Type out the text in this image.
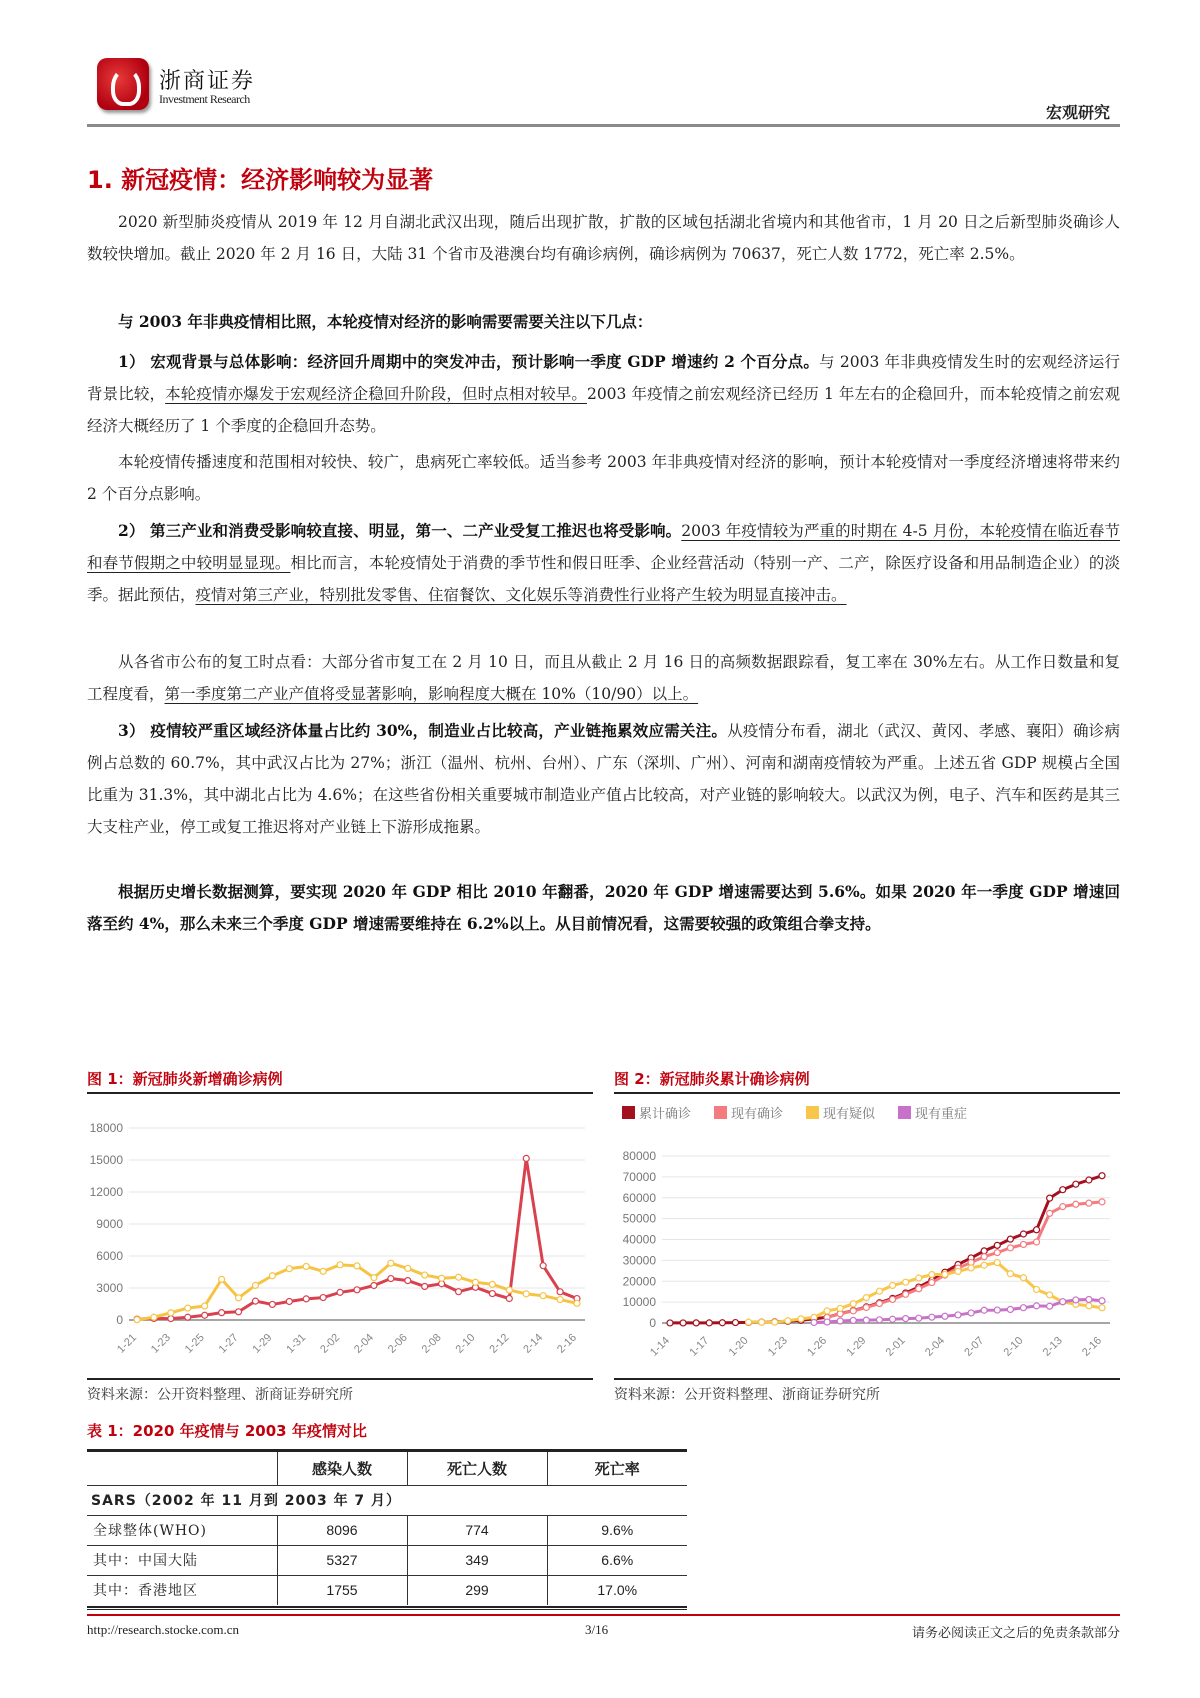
浙商证券
Investment Research
宏观研究
1. 新冠疫情：经济影响较为显著

2020 新型肺炎疫情从 2019 年 12 月自湖北武汉出现，随后出现扩散，扩散的区域包括湖北省境内和其他省市，1 月 20 日之后新型肺炎确诊人数较快增加。截止 2020 年 2 月 16 日，大陆 31 个省市及港澳台均有确诊病例，确诊病例为 70637，死亡人数 1772，死亡率 2.5%。

与 2003 年非典疫情相比照，本轮疫情对经济的影响需要需要关注以下几点：

1） 宏观背景与总体影响：经济回升周期中的突发冲击，预计影响一季度 GDP 增速约 2 个百分点。与 2003 年非典疫情发生时的宏观经济运行背景比较，本轮疫情亦爆发于宏观经济企稳回升阶段，但时点相对较早。2003 年疫情之前宏观经济已经历 1 年左右的企稳回升，而本轮疫情之前宏观经济大概经历了 1 个季度的企稳回升态势。

本轮疫情传播速度和范围相对较快、较广，患病死亡率较低。适当参考 2003 年非典疫情对经济的影响，预计本轮疫情对一季度经济增速将带来约 2 个百分点影响。

2） 第三产业和消费受影响较直接、明显，第一、二产业受复工推迟也将受影响。2003 年疫情较为严重的时期在 4-5 月份，本轮疫情在临近春节和春节假期之中较明显显现。相比而言，本轮疫情处于消费的季节性和假日旺季、企业经营活动（特别一产、二产，除医疗设备和用品制造企业）的淡季。据此预估，疫情对第三产业，特别批发零售、住宿餐饮、文化娱乐等消费性行业将产生较为明显直接冲击。

从各省市公布的复工时点看：大部分省市复工在 2 月 10 日，而且从截止 2 月 16 日的高频数据跟踪看，复工率在 30%左右。从工作日数量和复工程度看，第一季度第二产业产值将受显著影响，影响程度大概在 10%（10/90）以上。

3） 疫情较严重区域经济体量占比约 30%，制造业占比较高，产业链拖累效应需关注。从疫情分布看，湖北（武汉、黄冈、孝感、襄阳）确诊病例占总数的 60.7%，其中武汉占比为 27%；浙江（温州、杭州、台州）、广东（深圳、广州）、河南和湖南疫情较为严重。上述五省 GDP 规模占全国比重为 31.3%，其中湖北占比为 4.6%；在这些省份相关重要城市制造业产值占比较高，对产业链的影响较大。以武汉为例，电子、汽车和医药是其三大支柱产业，停工或复工推迟将对产业链上下游形成拖累。

根据历史增长数据测算，要实现 2020 年 GDP 相比 2010 年翻番，2020 年 GDP 增速需要达到 5.6%。如果 2020 年一季度 GDP 增速回落至约 4%，那么未来三个季度 GDP 增速需要维持在 6.2%以上。从目前情况看，这需要较强的政策组合拳支持。

图 1：新冠肺炎新增确诊病例
0
3000
6000
9000
12000
15000
18000
1-21 1-23 1-25 1-27 1-29 1-31 2-02 2-04 2-06 2-08 2-10 2-12 2-14 2-16
资料来源：公开资料整理、浙商证券研究所
图 2：新冠肺炎累计确诊病例
0
10000
20000
30000
40000
50000
60000
70000
80000
1-14 1-17 1-20 1-23 1-26 1-29 2-01 2-04 2-07 2-10 2-13 2-16
累计确诊	现有确诊	现有疑似	现有重症
资料来源：公开资料整理、浙商证券研究所
表 1：2020 年疫情与 2003 年疫情对比
	感染人数	死亡人数	死亡率
SARS（2002 年 11 月到 2003 年 7 月）			
全球整体(WHO)	8096	774	9.6%
其中：中国大陆	5327	349	6.6%
其中：香港地区	1755	299	17.0%
http://research.stocke.com.cn	3/16	请务必阅读正文之后的免责条款部分
